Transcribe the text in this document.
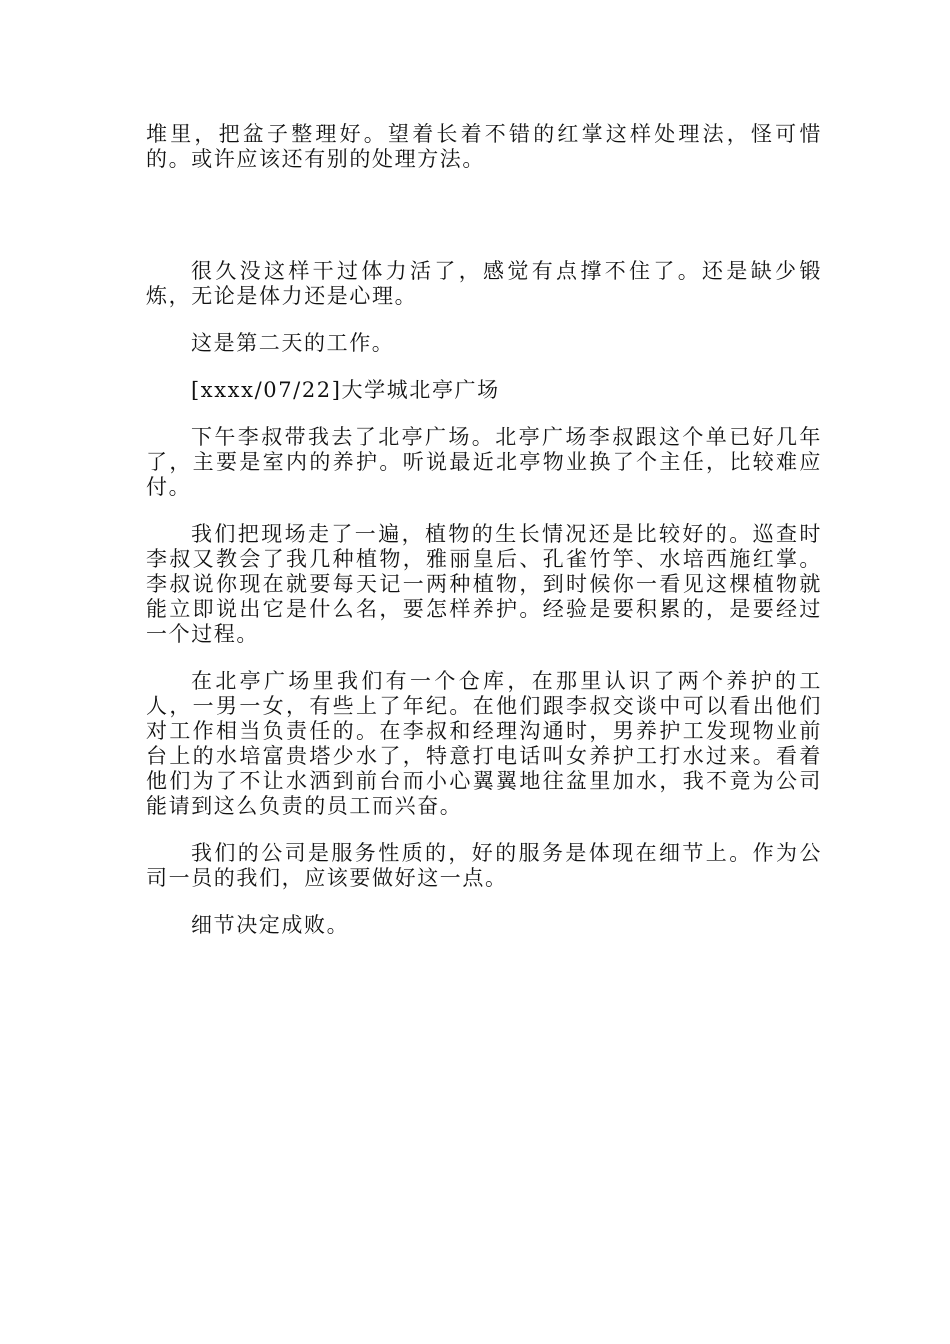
堆里，把盆子整理好。望着长着不错的红掌这样处理法，怪可惜的。或许应该还有别的处理方法。

很久没这样干过体力活了，感觉有点撑不住了。还是缺少锻炼，无论是体力还是心理。

这是第二天的工作。

[xxxx/07/22]大学城北亭广场

下午李叔带我去了北亭广场。北亭广场李叔跟这个单已好几年了，主要是室内的养护。听说最近北亭物业换了个主任，比较难应付。

我们把现场走了一遍，植物的生长情况还是比较好的。巡查时李叔又教会了我几种植物，雅丽皇后、孔雀竹竽、水培西施红掌。李叔说你现在就要每天记一两种植物，到时候你一看见这棵植物就能立即说出它是什么名，要怎样养护。经验是要积累的，是要经过一个过程。

在北亭广场里我们有一个仓库，在那里认识了两个养护的工人，一男一女，有些上了年纪。在他们跟李叔交谈中可以看出他们对工作相当负责任的。在李叔和经理沟通时，男养护工发现物业前台上的水培富贵塔少水了，特意打电话叫女养护工打水过来。看着他们为了不让水洒到前台而小心翼翼地往盆里加水，我不竟为公司能请到这么负责的员工而兴奋。

我们的公司是服务性质的，好的服务是体现在细节上。作为公司一员的我们，应该要做好这一点。

细节决定成败。
